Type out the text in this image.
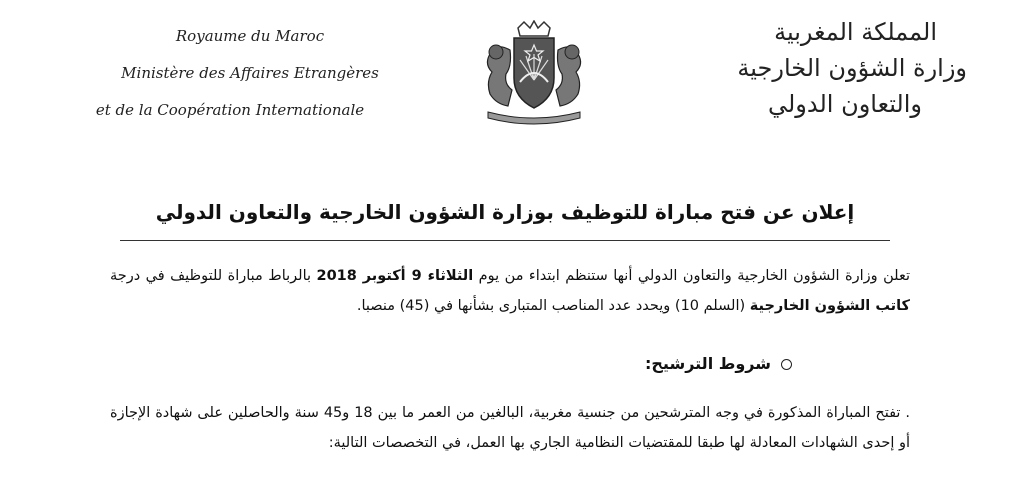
Royaume du Maroc
Ministère des Affaires Etrangères
et de la Coopération Internationale
المملكة المغربية
وزارة الشؤون الخارجية
والتعاون الدولي
إعلان عن فتح مباراة للتوظيف بوزارة الشؤون الخارجية والتعاون الدولي
تعلن وزارة الشؤون الخارجية والتعاون الدولي أنها ستنظم ابتداء من يوم الثلاثاء 9 أكتوبر 2018 بالرباط مباراة للتوظيف في درجة كاتب الشؤون الخارجية (السلم 10) ويحدد عدد المناصب المتبارى بشأنها في (45) منصبا.
شروط الترشيح:
. تفتح المباراة المذكورة في وجه المترشحين من جنسية مغربية، البالغين من العمر ما بين 18 و45 سنة والحاصلين على شهادة الإجازة أو إحدى الشهادات المعادلة لها طبقا للمقتضيات النظامية الجاري بها العمل، في التخصصات التالية:
